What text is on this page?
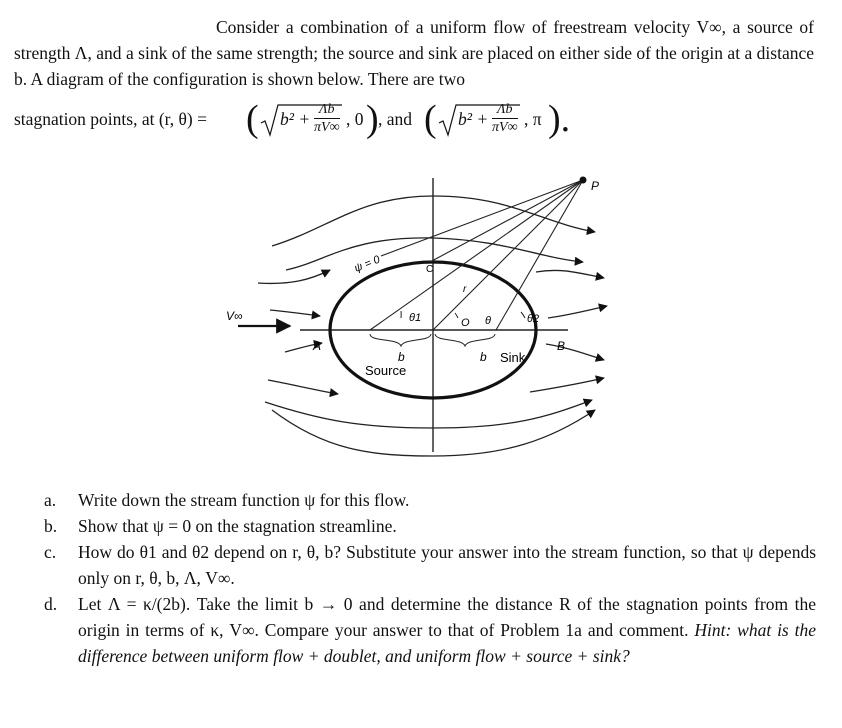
Consider a combination of a uniform flow of freestream velocity V∞, a source of strength Λ, and a sink of the same strength; the source and sink are placed on either side of the origin at a distance b. A diagram of the configuration is shown below. There are two

stagnation points, at (r, θ) = ( $b^2 + \frac{\Lambda b}{\pi V\infty}$ , 0 ) , and ( $b^2 + \frac{\Lambda b}{\pi V\infty}$ , π ).
P
ψ = 0	C
r
θ1	O θ	θ2
V∞
A
b
Source
b Sink
B
a. Write down the stream function ψ for this flow.
b. Show that ψ = 0 on the stagnation streamline.
c. How do θ1 and θ2 depend on r, θ, b? Substitute your answer into the stream function, so that ψ depends only on r, θ, b, Λ, V∞.
d. Let Λ = κ/(2b). Take the limit b → 0 and determine the distance R of the stagnation points from the origin in terms of κ, V∞. Compare your answer to that of Problem 1a and comment. Hint: what is the difference between uniform flow + doublet, and uniform flow + source + sink?
